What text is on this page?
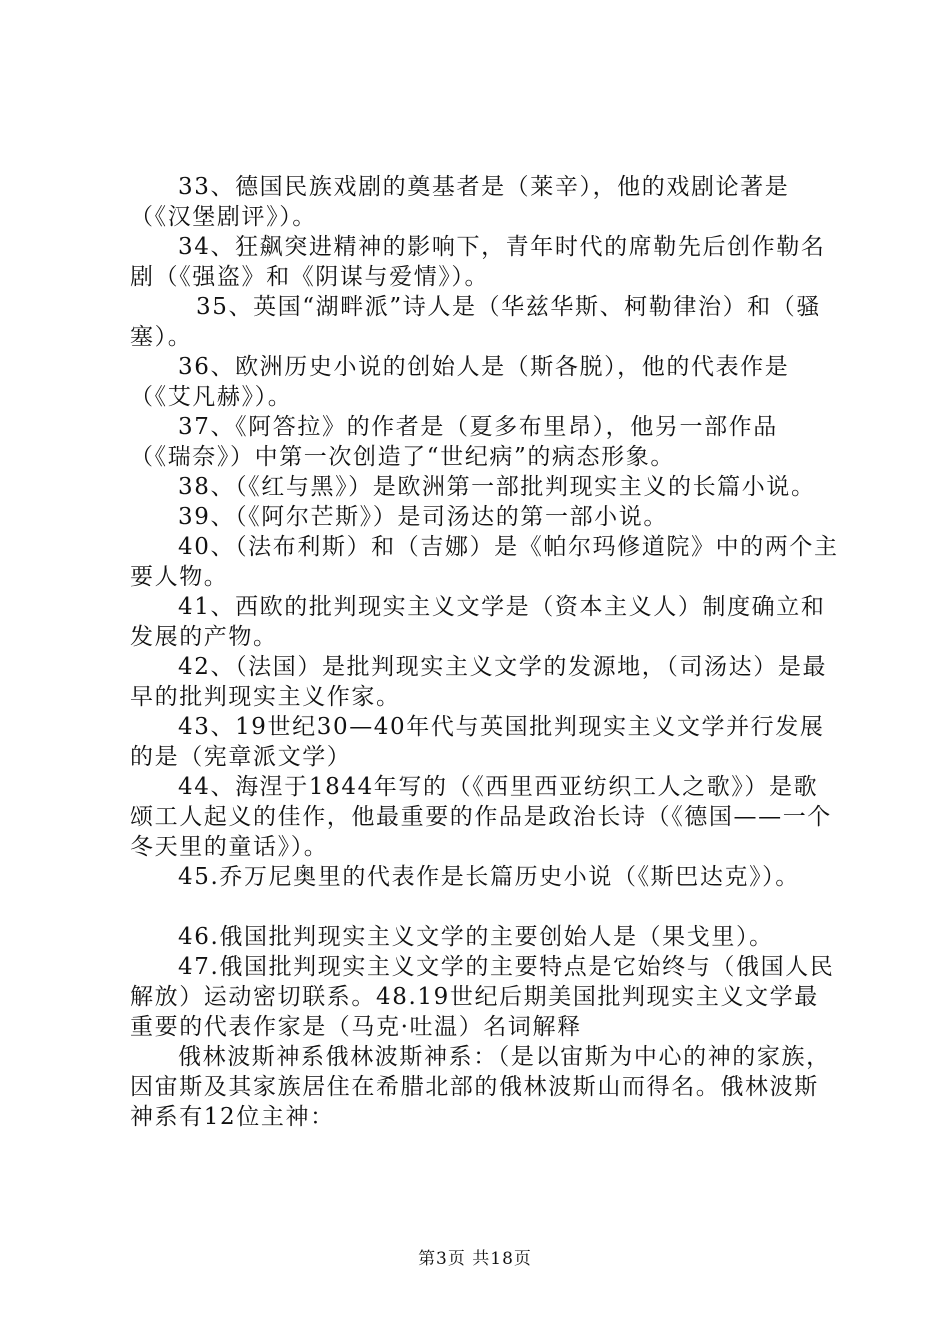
33、德国民族戏剧的奠基者是（莱辛），他的戏剧论著是（《汉堡剧评》）。

34、狂飙突进精神的影响下，青年时代的席勒先后创作勒名剧（《强盗》和《阴谋与爱情》）。

35、英国“湖畔派”诗人是（华兹华斯、柯勒律治）和（骚塞）。

36、欧洲历史小说的创始人是（斯各脱），他的代表作是（《艾凡赫》）。

37、《阿答拉》的作者是（夏多布里昂），他另一部作品（《瑞奈》）中第一次创造了“世纪病”的病态形象。

38、（《红与黑》）是欧洲第一部批判现实主义的长篇小说。

39、（《阿尔芒斯》）是司汤达的第一部小说。

40、（法布利斯）和（吉娜）是《帕尔玛修道院》中的两个主要人物。

41、西欧的批判现实主义文学是（资本主义人）制度确立和发展的产物。

42、（法国）是批判现实主义文学的发源地，（司汤达）是最早的批判现实主义作家。

43、19世纪30—40年代与英国批判现实主义文学并行发展的是（宪章派文学）

44、海涅于1844年写的（《西里西亚纺织工人之歌》）是歌颂工人起义的佳作，他最重要的作品是政治长诗（《德国——一个冬天里的童话》）。

45.乔万尼奥里的代表作是长篇历史小说（《斯巴达克》）。

46.俄国批判现实主义文学的主要创始人是（果戈里）。

47.俄国批判现实主义文学的主要特点是它始终与（俄国人民解放）运动密切联系。48.19世纪后期美国批判现实主义文学最重要的代表作家是（马克·吐温）名词解释

俄林波斯神系俄林波斯神系：（是以宙斯为中心的神的家族，因宙斯及其家族居住在希腊北部的俄林波斯山而得名。俄林波斯神系有12位主神：

第3页 共18页
